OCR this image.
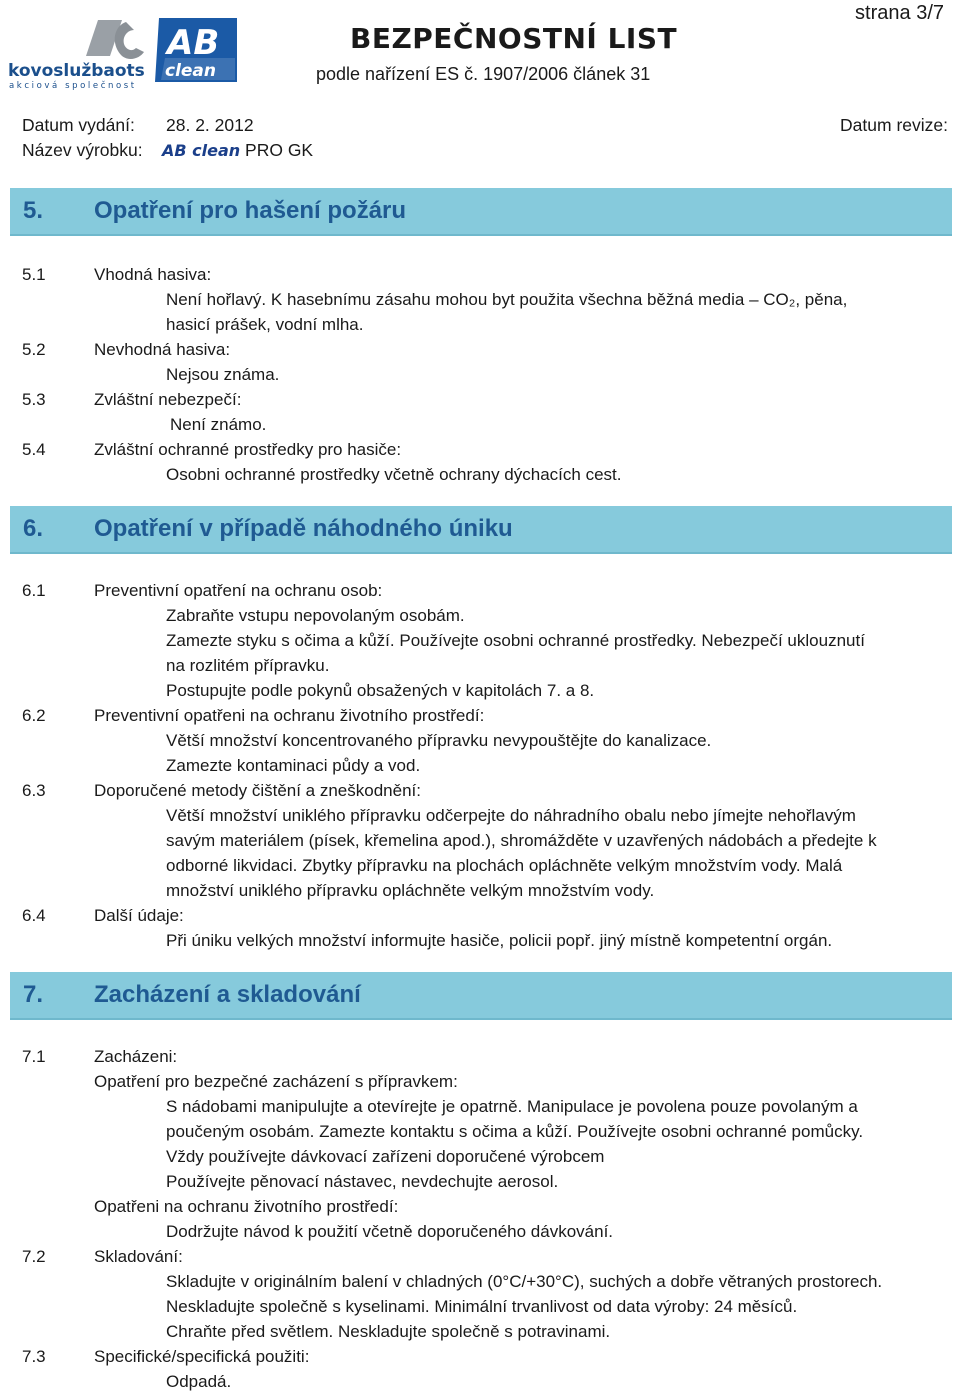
strana 3/7
kovoslužbaots
akciová společnost
AB
clean
BEZPEČNOSTNÍ LIST
podle nařízení ES č. 1907/2006 článek 31
Datum vydání: 28. 2. 2012	Datum revize:
Název výrobku: AB clean PRO GK
5. Opatření pro hašení požáru
5.1	Vhodná hasiva:
Není hořlavý. K hasebnímu zásahu mohou byt použita všechna běžná media – CO₂, pěna,
hasicí prášek, vodní mlha.
5.2	Nevhodná hasiva:
Nejsou známa.
5.3	Zvláštní nebezpečí:
Není známo.
5.4	Zvláštní ochranné prostředky pro hasiče:
Osobni ochranné prostředky včetně ochrany dýchacích cest.
6. Opatření v případě náhodného úniku
6.1	Preventivní opatření na ochranu osob:
Zabraňte vstupu nepovolaným osobám.
Zamezte styku s očima a kůží. Používejte osobni ochranné prostředky. Nebezpečí uklouznutí
na rozlitém přípravku.
Postupujte podle pokynů obsažených v kapitolách 7. a 8.
6.2	Preventivní opatřeni na ochranu životního prostředí:
Větší množství koncentrovaného přípravku nevypouštějte do kanalizace.
Zamezte kontaminaci půdy a vod.
6.3	Doporučené metody čištění a zneškodnění:
Větší množství uniklého přípravku odčerpejte do náhradního obalu nebo jímejte nehořlavým
savým materiálem (písek, křemelina apod.), shromážděte v uzavřených nádobách a předejte k
odborné likvidaci. Zbytky přípravku na plochách opláchněte velkým množstvím vody. Malá
množství uniklého přípravku opláchněte velkým množstvím vody.
6.4	Další údaje:
Při úniku velkých množství informujte hasiče, policii popř. jiný místně kompetentní orgán.
7. Zacházení a skladování
7.1	Zacházeni:
Opatření pro bezpečné zacházení s přípravkem:
S nádobami manipulujte a otevírejte je opatrně. Manipulace je povolena pouze povolaným a
poučeným osobám. Zamezte kontaktu s očima a kůží. Používejte osobni ochranné pomůcky.
Vždy používejte dávkovací zařízeni doporučené výrobcem
Používejte pěnovací nástavec, nevdechujte aerosol.
Opatřeni na ochranu životního prostředí:
Dodržujte návod k použití včetně doporučeného dávkování.
7.2	Skladování:
Skladujte v originálním balení v chladných (0°C/+30°C), suchých a dobře větraných prostorech.
Neskladujte společně s kyselinami. Minimální trvanlivost od data výroby: 24 měsíců.
Chraňte před světlem. Neskladujte společně s potravinami.
7.3	Specifické/specifická použiti:
Odpadá.
